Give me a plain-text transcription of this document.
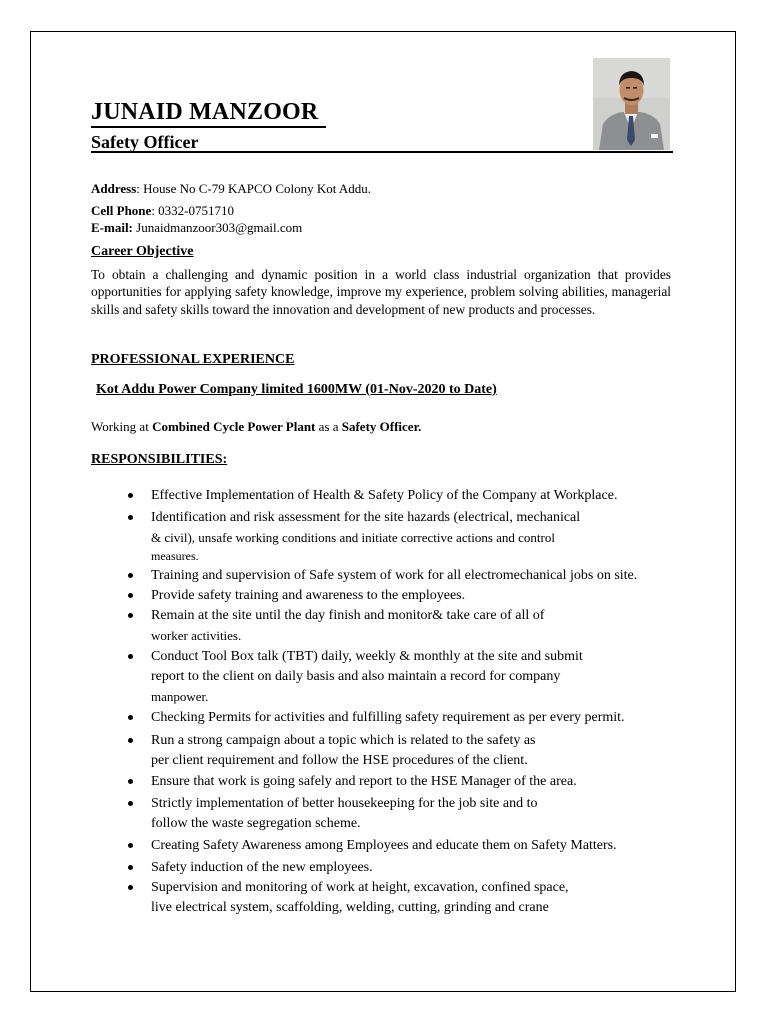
JUNAID MANZOOR
Safety Officer
Address: House No C-79 KAPCO Colony Kot Addu.
Cell Phone: 0332-0751710
E-mail: Junaidmanzoor303@gmail.com
Career Objective
To obtain a challenging and dynamic position in a world class industrial organization that provides opportunities for applying safety knowledge, improve my experience, problem solving abilities, managerial skills and safety skills toward the innovation and development of new products and processes.
PROFESSIONAL EXPERIENCE
Kot Addu Power Company limited 1600MW (01-Nov-2020 to Date)
Working at Combined Cycle Power Plant as a Safety Officer.
RESPONSIBILITIES:
Effective Implementation of Health & Safety Policy of the Company at Workplace.
Identification and risk assessment for the site hazards (electrical, mechanical
& civil), unsafe working conditions and initiate corrective actions and control
measures.
Training and supervision of Safe system of work for all electromechanical jobs on site.
Provide safety training and awareness to the employees.
Remain at the site until the day finish and monitor& take care of all of
worker activities.
Conduct Tool Box talk (TBT) daily, weekly & monthly at the site and submit
report to the client on daily basis and also maintain a record for company
manpower.
Checking Permits for activities and fulfilling safety requirement as per every permit.
Run a strong campaign about a topic which is related to the safety as
per client requirement and follow the HSE procedures of the client.
Ensure that work is going safely and report to the HSE Manager of the area.
Strictly implementation of better housekeeping for the job site and to
follow the waste segregation scheme.
Creating Safety Awareness among Employees and educate them on Safety Matters.
Safety induction of the new employees.
Supervision and monitoring of work at height, excavation, confined space,
live electrical system, scaffolding, welding, cutting, grinding and crane
